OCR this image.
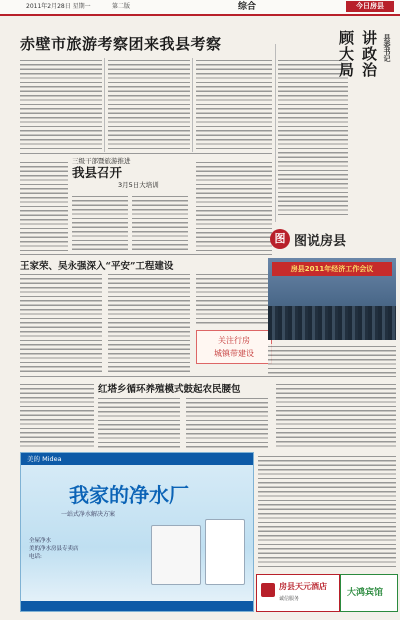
2011年2月28日 星期一	第二版	综合	今日房县
赤壁市旅游考察团来我县考察	县委书记
讲政治
顾大局
三级干部暨旅游推进
我县召开
3月5日大培训
王家荣、吴永强深入“平安”工程建设
关注行房
城镇带建设
图 图说房县
房县2011年经济工作会议
红塔乡循环养殖模式鼓起农民腰包
美的 Midea
我家的净水厂
一站式净水解决方案
全屋净水
美的净水房县专卖店
电话:
房县天元酒店
诚信服务
大鸿宾馆
